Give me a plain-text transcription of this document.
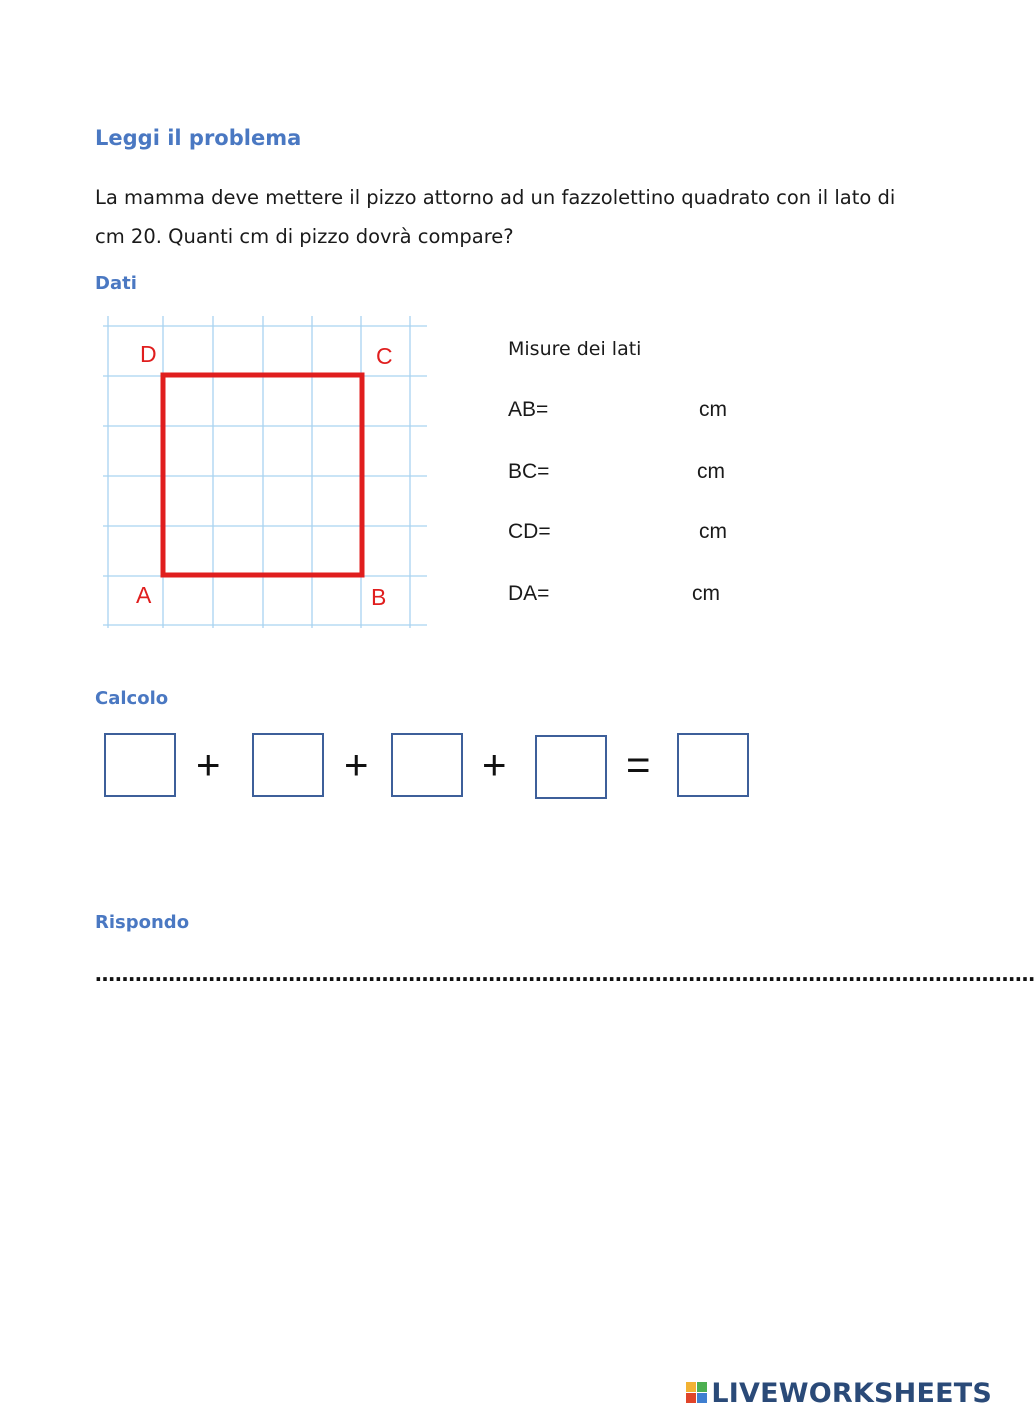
Leggi il problema

La mamma deve mettere il pizzo attorno ad un fazzolettino quadrato con il lato di cm 20. Quanti cm di pizzo dovrà compare?

Dati
D	C
A	B
Misure dei lati
AB=	cm
BC=	cm
CD=	cm
DA=	cm
Calcolo
+	+	+	=
Rispondo
……………………………………………………………………………………………………………………………
LIVEWORKSHEETS
